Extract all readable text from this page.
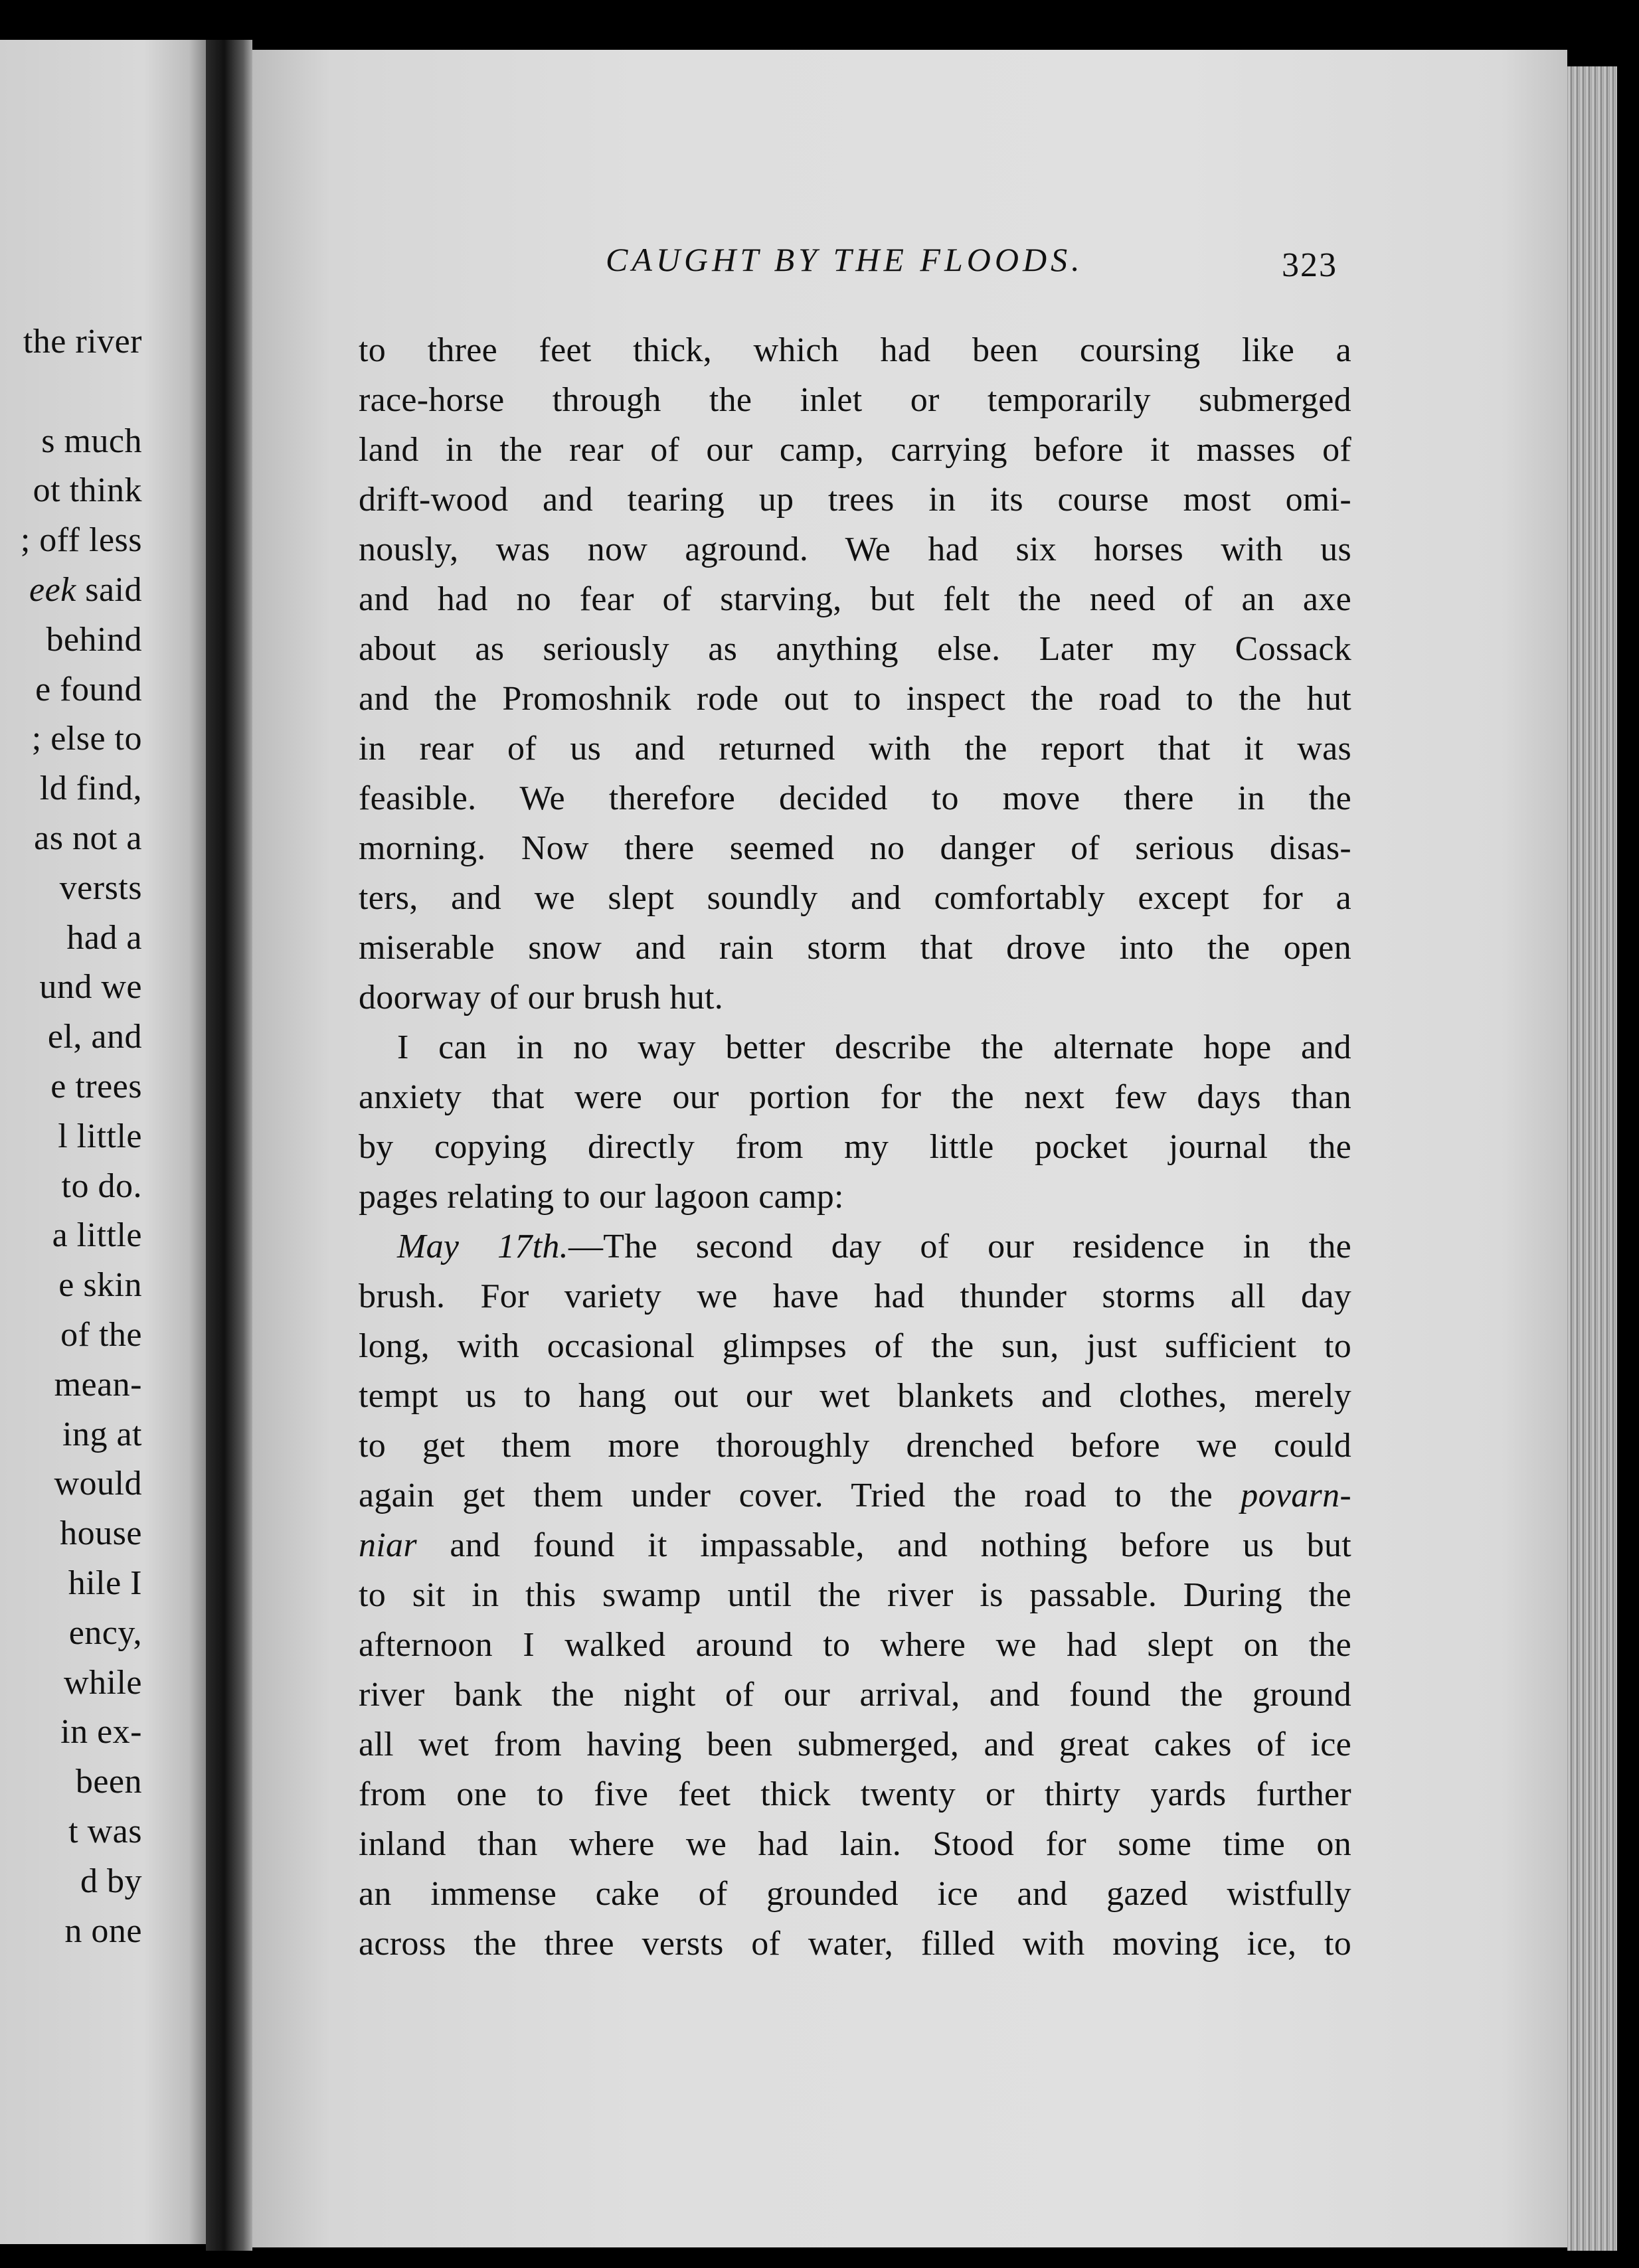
the river

s much
ot think
; off less
eek said
behind
e found
; else to
ld find,
as not a
versts
had a
und we
el, and
e trees
l little
to do.
a little
e skin
of the
mean-
ing at
would
house
hile I
ency,
while
in ex-
been
t was
d by
n one
CAUGHT BY THE FLOODS.	323
to three feet thick, which had been coursing like a
race-horse through the inlet or temporarily submerged
land in the rear of our camp, carrying before it masses of
drift-wood and tearing up trees in its course most omi-
nously, was now aground. We had six horses with us
and had no fear of starving, but felt the need of an axe
about as seriously as anything else. Later my Cossack
and the Promoshnik rode out to inspect the road to the hut
in rear of us and returned with the report that it was
feasible. We therefore decided to move there in the
morning. Now there seemed no danger of serious disas-
ters, and we slept soundly and comfortably except for a
miserable snow and rain storm that drove into the open
doorway of our brush hut.
I can in no way better describe the alternate hope and
anxiety that were our portion for the next few days than
by copying directly from my little pocket journal the
pages relating to our lagoon camp:
May 17th.—The second day of our residence in the
brush. For variety we have had thunder storms all day
long, with occasional glimpses of the sun, just sufficient to
tempt us to hang out our wet blankets and clothes, merely
to get them more thoroughly drenched before we could
again get them under cover. Tried the road to the povarn-
niar and found it impassable, and nothing before us but
to sit in this swamp until the river is passable. During the
afternoon I walked around to where we had slept on the
river bank the night of our arrival, and found the ground
all wet from having been submerged, and great cakes of ice
from one to five feet thick twenty or thirty yards further
inland than where we had lain. Stood for some time on
an immense cake of grounded ice and gazed wistfully
across the three versts of water, filled with moving ice, to
